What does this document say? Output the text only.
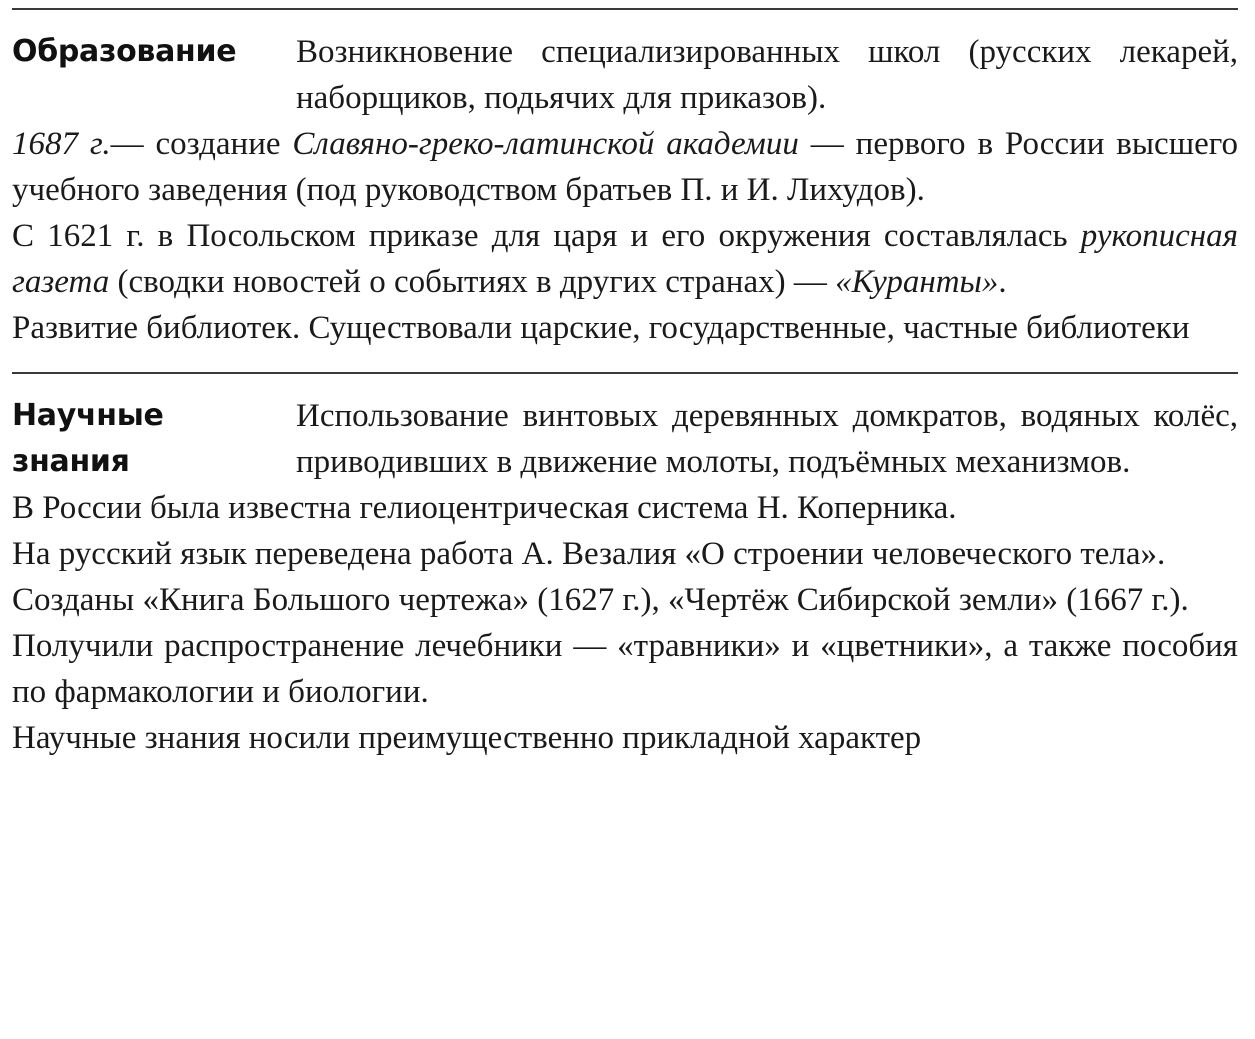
Образование	Возникновение специализированных школ (русских лекарей, наборщиков, подьячих для приказов).

1687 г.— создание Славяно-греко-латинской академии — первого в России высшего учебного заведения (под руководством братьев П. и И. Лихудов).

С 1621 г. в Посольском приказе для царя и его окружения составлялась рукописная газета (сводки новостей о событиях в других странах) — «Куранты».

Развитие библиотек. Существовали царские, государственные, частные библиотеки

Научные
знания
Использование винтовых деревянных домкратов, водяных колёс, приводивших в движение молоты, подъёмных механизмов.

В России была известна гелиоцентрическая система Н. Коперника.

На русский язык переведена работа А. Везалия «О строении человеческого тела».

Созданы «Книга Большого чертежа» (1627 г.), «Чертёж Сибирской земли» (1667 г.).

Получили распространение лечебники — «травники» и «цветники», а также пособия по фармакологии и биологии.

Научные знания носили преимущественно прикладной характер
